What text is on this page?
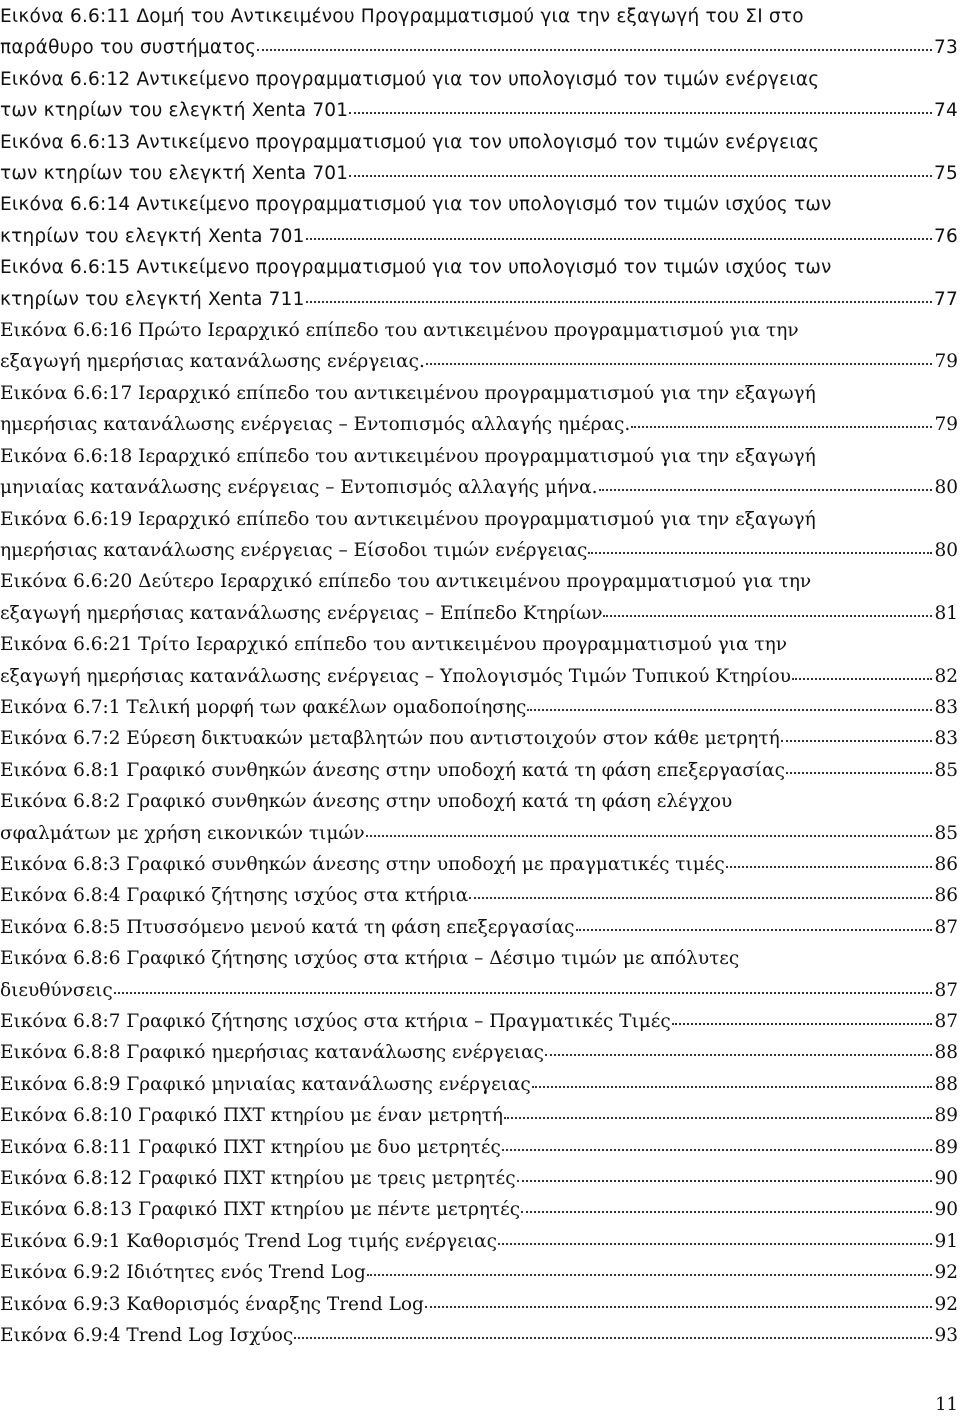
Εικόνα 6.6:11 Δομή του Αντικειμένου Προγραμματισμού για την εξαγωγή του ΣΙ στο
παράθυρο του συστήματος	73
Εικόνα 6.6:12 Αντικείμενο προγραμματισμού για τον υπολογισμό τον τιμών ενέργειας
των κτηρίων του ελεγκτή Xenta 701	74
Εικόνα 6.6:13 Αντικείμενο προγραμματισμού για τον υπολογισμό τον τιμών ενέργειας
των κτηρίων του ελεγκτή Xenta 701	75
Εικόνα 6.6:14 Αντικείμενο προγραμματισμού για τον υπολογισμό τον τιμών ισχύος των
κτηρίων του ελεγκτή Xenta 701	76
Εικόνα 6.6:15 Αντικείμενο προγραμματισμού για τον υπολογισμό τον τιμών ισχύος των
κτηρίων του ελεγκτή Xenta 711	77
Εικόνα 6.6:16 Πρώτο Ιεραρχικό επίπεδο του αντικειμένου προγραμματισμού για την
εξαγωγή ημερήσιας κατανάλωσης ενέργειας.	79
Εικόνα 6.6:17 Ιεραρχικό επίπεδο του αντικειμένου προγραμματισμού για την εξαγωγή
ημερήσιας κατανάλωσης ενέργειας – Εντοπισμός αλλαγής ημέρας.	79
Εικόνα 6.6:18 Ιεραρχικό επίπεδο του αντικειμένου προγραμματισμού για την εξαγωγή
μηνιαίας κατανάλωσης ενέργειας – Εντοπισμός αλλαγής μήνα.	80
Εικόνα 6.6:19 Ιεραρχικό επίπεδο του αντικειμένου προγραμματισμού για την εξαγωγή
ημερήσιας κατανάλωσης ενέργειας – Είσοδοι τιμών ενέργειας	80
Εικόνα 6.6:20 Δεύτερο Ιεραρχικό επίπεδο του αντικειμένου προγραμματισμού για την
εξαγωγή ημερήσιας κατανάλωσης ενέργειας – Επίπεδο Κτηρίων	81
Εικόνα 6.6:21 Τρίτο Ιεραρχικό επίπεδο του αντικειμένου προγραμματισμού για την
εξαγωγή ημερήσιας κατανάλωσης ενέργειας – Υπολογισμός Τιμών Τυπικού Κτηρίου	82
Εικόνα 6.7:1 Τελική μορφή των φακέλων ομαδοποίησης	83
Εικόνα 6.7:2 Εύρεση δικτυακών μεταβλητών που αντιστοιχούν στον κάθε μετρητή	83
Εικόνα 6.8:1 Γραφικό συνθηκών άνεσης στην υποδοχή κατά τη φάση επεξεργασίας	85
Εικόνα 6.8:2 Γραφικό συνθηκών άνεσης στην υποδοχή κατά τη φάση ελέγχου
σφαλμάτων με χρήση εικονικών τιμών	85
Εικόνα 6.8:3 Γραφικό συνθηκών άνεσης στην υποδοχή με πραγματικές τιμές	86
Εικόνα 6.8:4 Γραφικό ζήτησης ισχύος στα κτήρια	86
Εικόνα 6.8:5 Πτυσσόμενο μενού κατά τη φάση επεξεργασίας	87
Εικόνα 6.8:6 Γραφικό ζήτησης ισχύος στα κτήρια – Δέσιμο τιμών με απόλυτες
διευθύνσεις	87
Εικόνα 6.8:7 Γραφικό ζήτησης ισχύος στα κτήρια – Πραγματικές Τιμές	87
Εικόνα 6.8:8 Γραφικό ημερήσιας κατανάλωσης ενέργειας	88
Εικόνα 6.8:9 Γραφικό μηνιαίας κατανάλωσης ενέργειας	88
Εικόνα 6.8:10 Γραφικό ΠΧΤ κτηρίου με έναν μετρητή	89
Εικόνα 6.8:11 Γραφικό ΠΧΤ κτηρίου με δυο μετρητές	89
Εικόνα 6.8:12 Γραφικό ΠΧΤ κτηρίου με τρεις μετρητές	90
Εικόνα 6.8:13 Γραφικό ΠΧΤ κτηρίου με πέντε μετρητές	90
Εικόνα 6.9:1 Καθορισμός Trend Log τιμής ενέργειας	91
Εικόνα 6.9:2 Ιδιότητες ενός Trend Log	92
Εικόνα 6.9:3 Καθορισμός έναρξης Trend Log	92
Εικόνα 6.9:4 Trend Log Ισχύος	93
11
